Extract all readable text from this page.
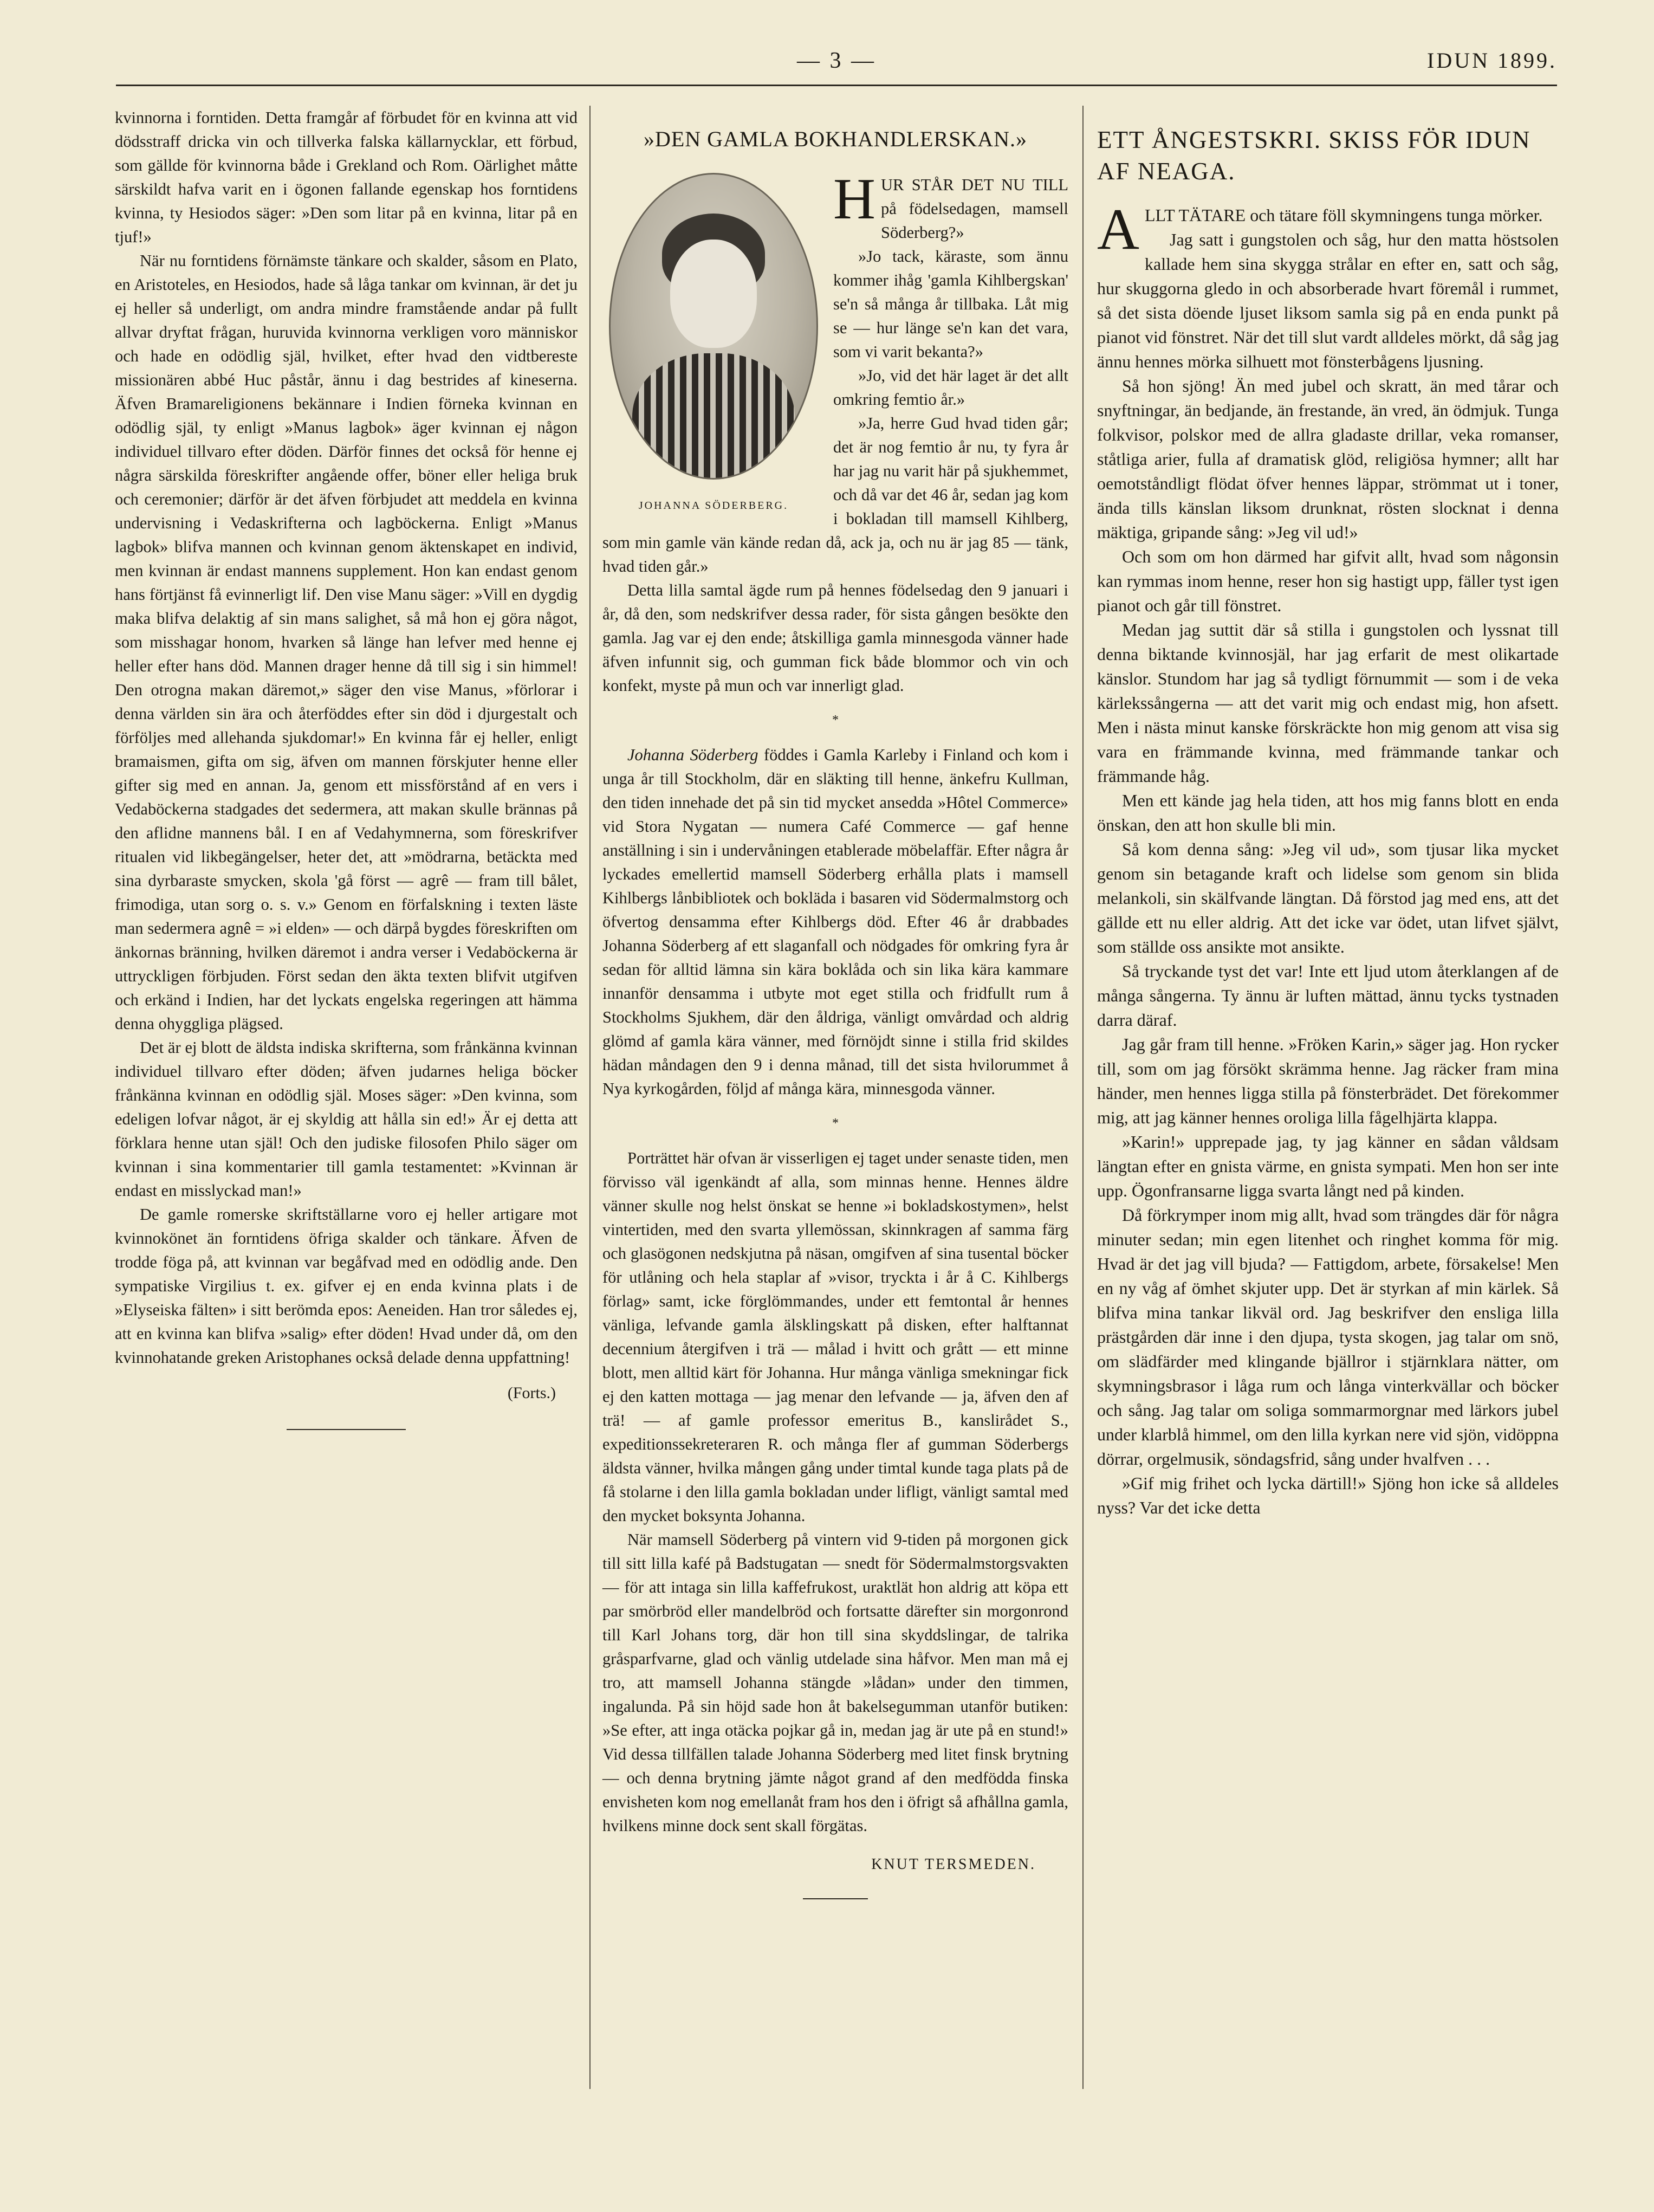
— 3 —	IDUN 1899.

kvinnorna i forntiden. Detta framgår af förbudet för en kvinna att vid dödsstraff dricka vin och tillverka falska källarnycklar, ett förbud, som gällde för kvinnorna både i Grekland och Rom. Oärlighet måtte särskildt hafva varit en i ögonen fallande egenskap hos forntidens kvinna, ty Hesiodos säger: »Den som litar på en kvinna, litar på en tjuf!»

När nu forntidens förnämste tänkare och skalder, såsom en Plato, en Aristoteles, en Hesiodos, hade så låga tankar om kvinnan, är det ju ej heller så underligt, om andra mindre framstående andar på fullt allvar dryftat frågan, huruvida kvinnorna verkligen voro människor och hade en odödlig själ, hvilket, efter hvad den vidtbereste missionären abbé Huc påstår, ännu i dag bestrides af kineserna. Äfven Bramareligionens bekännare i Indien förneka kvinnan en odödlig själ, ty enligt »Manus lagbok» äger kvinnan ej någon individuel tillvaro efter döden. Därför finnes det också för henne ej några särskilda föreskrifter angående offer, böner eller heliga bruk och ceremonier; därför är det äfven förbjudet att meddela en kvinna undervisning i Vedaskrifterna och lagböckerna. Enligt »Manus lagbok» blifva mannen och kvinnan genom äktenskapet en individ, men kvinnan är endast mannens supplement. Hon kan endast genom hans förtjänst få evinnerligt lif. Den vise Manu säger: »Vill en dygdig maka blifva delaktig af sin mans salighet, så må hon ej göra något, som misshagar honom, hvarken så länge han lefver med henne ej heller efter hans död. Mannen drager henne då till sig i sin himmel! Den otrogna makan däremot,» säger den vise Manus, »förlorar i denna världen sin ära och återföddes efter sin död i djurgestalt och förföljes med allehanda sjukdomar!» En kvinna får ej heller, enligt bramaismen, gifta om sig, äfven om mannen förskjuter henne eller gifter sig med en annan. Ja, genom ett missförstånd af en vers i Vedaböckerna stadgades det sedermera, att makan skulle brännas på den aflidne mannens bål. I en af Vedahymnerna, som föreskrifver ritualen vid likbegängelser, heter det, att »mödrarna, betäckta med sina dyrbaraste smycken, skola 'gå först — agrê — fram till bålet, frimodiga, utan sorg o. s. v.» Genom en förfalskning i texten läste man sedermera agnê = »i elden» — och därpå bygdes föreskriften om änkornas bränning, hvilken däremot i andra verser i Vedaböckerna är uttryckligen förbjuden. Först sedan den äkta texten blifvit utgifven och erkänd i Indien, har det lyckats engelska regeringen att hämma denna ohyggliga plägsed.

Det är ej blott de äldsta indiska skrifterna, som frånkänna kvinnan individuel tillvaro efter döden; äfven judarnes heliga böcker frånkänna kvinnan en odödlig själ. Moses säger: »Den kvinna, som edeligen lofvar något, är ej skyldig att hålla sin ed!» Är ej detta att förklara henne utan själ! Och den judiske filosofen Philo säger om kvinnan i sina kommentarier till gamla testamentet: »Kvinnan är endast en misslyckad man!»

De gamle romerske skriftställarne voro ej heller artigare mot kvinnokönet än forntidens öfriga skalder och tänkare. Äfven de trodde föga på, att kvinnan var begåfvad med en odödlig ande. Den sympatiske Virgilius t. ex. gifver ej en enda kvinna plats i de »Elyseiska fälten» i sitt berömda epos: Aeneiden. Han tror således ej, att en kvinna kan blifva »salig» efter döden! Hvad under då, om den kvinnohatande greken Aristophanes också delade denna uppfattning!

(Forts.)
»DEN GAMLA BOKHANDLERSKAN.»
JOHANNA SÖDERBERG.

HUR STÅR DET NU TILL på födelsedagen, mamsell Söderberg?»

»Jo tack, käraste, som ännu kommer ihåg 'gamla Kihlbergskan' se'n så många år tillbaka. Låt mig se — hur länge se'n kan det vara, som vi varit bekanta?»

»Jo, vid det här laget är det allt omkring femtio år.»

»Ja, herre Gud hvad tiden går; det är nog femtio år nu, ty fyra år har jag nu varit här på sjukhemmet, och då var det 46 år, sedan jag kom i bokladan till mamsell Kihlberg, som min gamle vän kände redan då, ack ja, och nu är jag 85 — tänk, hvad tiden går.»

Detta lilla samtal ägde rum på hennes födelsedag den 9 januari i år, då den, som nedskrifver dessa rader, för sista gången besökte den gamla. Jag var ej den ende; åtskilliga gamla minnesgoda vänner hade äfven infunnit sig, och gumman fick både blommor och vin och konfekt, myste på mun och var innerligt glad.

*

Johanna Söderberg föddes i Gamla Karleby i Finland och kom i unga år till Stockholm, där en släkting till henne, änkefru Kullman, den tiden innehade det på sin tid mycket ansedda »Hôtel Commerce» vid Stora Nygatan — numera Café Commerce — gaf henne anställning i sin i undervåningen etablerade möbelaffär. Efter några år lyckades emellertid mamsell Söderberg erhålla plats i mamsell Kihlbergs lånbibliotek och bokläda i basaren vid Södermalmstorg och öfvertog densamma efter Kihlbergs död. Efter 46 år drabbades Johanna Söderberg af ett slaganfall och nödgades för omkring fyra år sedan för alltid lämna sin kära boklåda och sin lika kära kammare innanför densamma i utbyte mot eget stilla och fridfullt rum å Stockholms Sjukhem, där den åldriga, vänligt omvårdad och aldrig glömd af gamla kära vänner, med förnöjdt sinne i stilla frid skildes hädan måndagen den 9 i denna månad, till det sista hvilorummet å Nya kyrkogården, följd af många kära, minnesgoda vänner.

*

Porträttet här ofvan är visserligen ej taget under senaste tiden, men förvisso väl igenkändt af alla, som minnas henne. Hennes äldre vänner skulle nog helst önskat se henne »i bokladskostymen», helst vintertiden, med den svarta yllemössan, skinnkragen af samma färg och glasögonen nedskjutna på näsan, omgifven af sina tusental böcker för utlåning och hela staplar af »visor, tryckta i år å C. Kihlbergs förlag» samt, icke förglömmandes, under ett femtontal år hennes vänliga, lefvande gamla älsklingskatt på disken, efter halftannat decennium återgifven i trä — målad i hvitt och grått — ett minne blott, men alltid kärt för Johanna. Hur många vänliga smekningar fick ej den katten mottaga — jag menar den lefvande — ja, äfven den af trä! — af gamle professor emeritus B., kanslirådet S., expeditionssekreteraren R. och många fler af gumman Söderbergs äldsta vänner, hvilka mången gång under timtal kunde taga plats på de få stolarne i den lilla gamla bokladan under lifligt, vänligt samtal med den mycket boksynta Johanna.

När mamsell Söderberg på vintern vid 9-tiden på morgonen gick till sitt lilla kafé på Badstugatan — snedt för Södermalmstorgsvakten — för att intaga sin lilla kaffefrukost, uraktlät hon aldrig att köpa ett par smörbröd eller mandelbröd och fortsatte därefter sin morgonrond till Karl Johans torg, där hon till sina skyddslingar, de talrika gråsparfvarne, glad och vänlig utdelade sina håfvor. Men man må ej tro, att mamsell Johanna stängde »lådan» under den timmen, ingalunda. På sin höjd sade hon åt bakelsegumman utanför butiken: »Se efter, att inga otäcka pojkar gå in, medan jag är ute på en stund!» Vid dessa tillfällen talade Johanna Söderberg med litet finsk brytning — och denna brytning jämte något grand af den medfödda finska envisheten kom nog emellanåt fram hos den i öfrigt så afhållna gamla, hvilkens minne dock sent skall förgätas.

KNUT TERSMEDEN.
ETT ÅNGESTSKRI. SKISS FÖR IDUN AF NEAGA.

ALLT TÄTARE och tätare föll skymningens tunga mörker.

Jag satt i gungstolen och såg, hur den matta höstsolen kallade hem sina skygga strålar en efter en, satt och såg, hur skuggorna gledo in och absorberade hvart föremål i rummet, så det sista döende ljuset liksom samla sig på en enda punkt på pianot vid fönstret. När det till slut vardt alldeles mörkt, då såg jag ännu hennes mörka silhuett mot fönsterbågens ljusning.

Så hon sjöng! Än med jubel och skratt, än med tårar och snyftningar, än bedjande, än frestande, än vred, än ödmjuk. Tunga folkvisor, polskor med de allra gladaste drillar, veka romanser, ståtliga arier, fulla af dramatisk glöd, religiösa hymner; allt har oemotståndligt flödat öfver hennes läppar, strömmat ut i toner, ända tills känslan liksom drunknat, rösten slocknat i denna mäktiga, gripande sång: »Jeg vil ud!»

Och som om hon därmed har gifvit allt, hvad som någonsin kan rymmas inom henne, reser hon sig hastigt upp, fäller tyst igen pianot och går till fönstret.

Medan jag suttit där så stilla i gungstolen och lyssnat till denna biktande kvinnosjäl, har jag erfarit de mest olikartade känslor. Stundom har jag så tydligt förnummit — som i de veka kärlekssångerna — att det varit mig och endast mig, hon afsett. Men i nästa minut kanske förskräckte hon mig genom att visa sig vara en främmande kvinna, med främmande tankar och främmande håg.

Men ett kände jag hela tiden, att hos mig fanns blott en enda önskan, den att hon skulle bli min.

Så kom denna sång: »Jeg vil ud», som tjusar lika mycket genom sin betagande kraft och lidelse som genom sin blida melankoli, sin skälfvande längtan. Då förstod jag med ens, att det gällde ett nu eller aldrig. Att det icke var ödet, utan lifvet självt, som ställde oss ansikte mot ansikte.

Så tryckande tyst det var! Inte ett ljud utom återklangen af de många sångerna. Ty ännu är luften mättad, ännu tycks tystnaden darra däraf.

Jag går fram till henne. »Fröken Karin,» säger jag. Hon rycker till, som om jag försökt skrämma henne. Jag räcker fram mina händer, men hennes ligga stilla på fönsterbrädet. Det förekommer mig, att jag känner hennes oroliga lilla fågelhjärta klappa.

»Karin!» upprepade jag, ty jag känner en sådan våldsam längtan efter en gnista värme, en gnista sympati. Men hon ser inte upp. Ögonfransarne ligga svarta långt ned på kinden.

Då förkrymper inom mig allt, hvad som trängdes där för några minuter sedan; min egen litenhet och ringhet komma för mig. Hvad är det jag vill bjuda? — Fattigdom, arbete, försakelse! Men en ny våg af ömhet skjuter upp. Det är styrkan af min kärlek. Så blifva mina tankar likväl ord. Jag beskrifver den ensliga lilla prästgården där inne i den djupa, tysta skogen, jag talar om snö, om slädfärder med klingande bjällror i stjärnklara nätter, om skymningsbrasor i låga rum och långa vinterkvällar och böcker och sång. Jag talar om soliga sommarmorgnar med lärkors jubel under klarblå himmel, om den lilla kyrkan nere vid sjön, vidöppna dörrar, orgelmusik, söndagsfrid, sång under hvalfven . . .

»Gif mig frihet och lycka därtill!» Sjöng hon icke så alldeles nyss? Var det icke detta
